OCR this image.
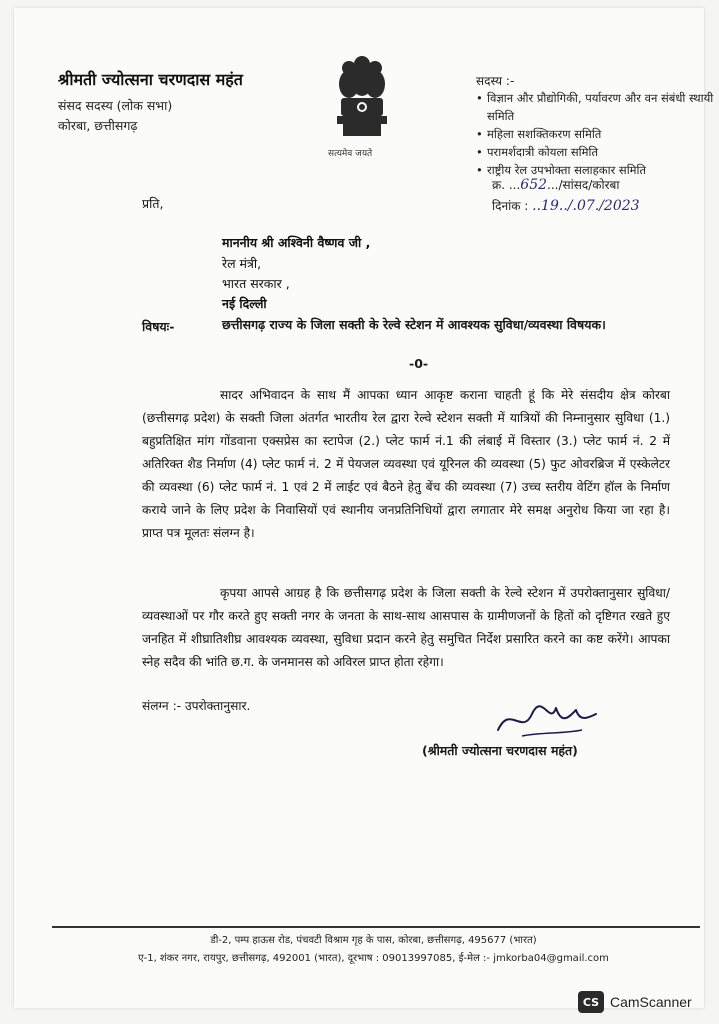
श्रीमती ज्योत्सना चरणदास महंत
संसद सदस्य (लोक सभा)
कोरबा, छत्तीसगढ़
सत्यमेव जयते
सदस्य :-
• विज्ञान और प्रौद्योगिकी, पर्यावरण और वन संबंधी स्थायी समिति
• महिला सशक्तिकरण समिति
• परामर्शदात्री कोयला समिति
• राष्ट्रीय रेल उपभोक्ता सलाहकार समिति
क्र. ...652.../सांसद/कोरबा
दिनांक : ..19../.07./2023
प्रति,
माननीय श्री अश्विनी वैष्णव जी ,
रेल मंत्री,
भारत सरकार ,
नई दिल्ली
विषयः-	छत्तीसगढ़ राज्य के जिला सक्ती के रेल्वे स्टेशन में आवश्यक सुविधा/व्यवस्था विषयक।
-0-
सादर अभिवादन के साथ मैं आपका ध्यान आकृष्ट कराना चाहती हूं कि मेरे संसदीय क्षेत्र कोरबा (छत्तीसगढ़ प्रदेश) के सक्ती जिला अंतर्गत भारतीय रेल द्वारा रेल्वे स्टेशन सक्ती में यात्रियों की निम्नानुसार सुविधा (1.) बहुप्रतिक्षित मांग गोंडवाना एक्सप्रेस का स्टापेज (2.) प्लेट फार्म नं.1 की लंबाई में विस्तार (3.) प्लेट फार्म नं. 2 में अतिरिक्त शैड निर्माण (4) प्लेट फार्म नं. 2 में पेयजल व्यवस्था एवं यूरिनल की व्यवस्था (5) फुट ओवरब्रिज में एस्केलेटर की व्यवस्था (6) प्लेट फार्म नं. 1 एवं 2 में लाईट एवं बैठने हेतु बेंच की व्यवस्था (7) उच्च स्तरीय वेटिंग हॉल के निर्माण कराये जाने के लिए प्रदेश के निवासियों एवं स्थानीय जनप्रतिनिधियों द्वारा लगातार मेरे समक्ष अनुरोध किया जा रहा है। प्राप्त पत्र मूलतः संलग्न है।
कृपया आपसे आग्रह है कि छत्तीसगढ़ प्रदेश के जिला सक्ती के रेल्वे स्टेशन में उपरोक्तानुसार सुविधा/व्यवस्थाओं पर गौर करते हुए सक्ती नगर के जनता के साथ-साथ आसपास के ग्रामीणजनों के हितों को दृष्टिगत रखते हुए जनहित में शीघ्रातिशीघ्र आवश्यक व्यवस्था, सुविधा प्रदान करने हेतु समुचित निर्देश प्रसारित करने का कष्ट करेंगे। आपका स्नेह सदैव की भांति छ.ग. के जनमानस को अविरल प्राप्त होता रहेगा।
संलग्न :- उपरोक्तानुसार.
(श्रीमती ज्योत्सना चरणदास महंत)
डी-2, पम्प हाऊस रोड, पंचवटी विश्राम गृह के पास, कोरबा, छत्तीसगढ़, 495677 (भारत)
ए-1, शंकर नगर, रायपुर, छत्तीसगढ़, 492001 (भारत), दूरभाष : 09013997085, ई-मेल :- jmkorba04@gmail.com
CS CamScanner
